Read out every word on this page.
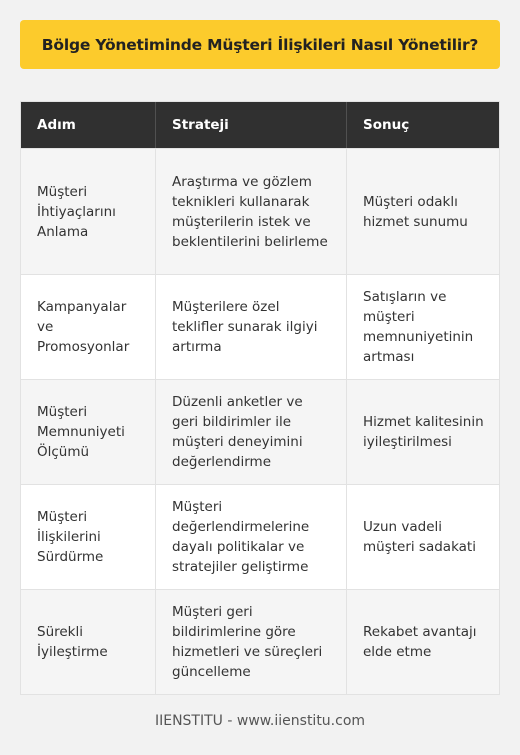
Bölge Yönetiminde Müşteri İlişkileri Nasıl Yönetilir?
Adım	Strateji	Sonuç
Müşteri İhtiyaçlarını Anlama
Araştırma ve gözlem teknikleri kullanarak müşterilerin istek ve beklentilerini belirleme
Müşteri odaklı hizmet sunumu
Kampanyalar ve Promosyonlar
Müşterilere özel teklifler sunarak ilgiyi artırma
Satışların ve müşteri memnuniyetinin artması
Müşteri Memnuniyeti Ölçümü
Düzenli anketler ve geri bildirimler ile müşteri deneyimini değerlendirme
Hizmet kalitesinin iyileştirilmesi
Müşteri İlişkilerini Sürdürme
Müşteri değerlendirmelerine dayalı politikalar ve stratejiler geliştirme
Uzun vadeli müşteri sadakati
Sürekli İyileştirme
Müşteri geri bildirimlerine göre hizmetleri ve süreçleri güncelleme
Rekabet avantajı elde etme
IIENSTITU - www.iienstitu.com
